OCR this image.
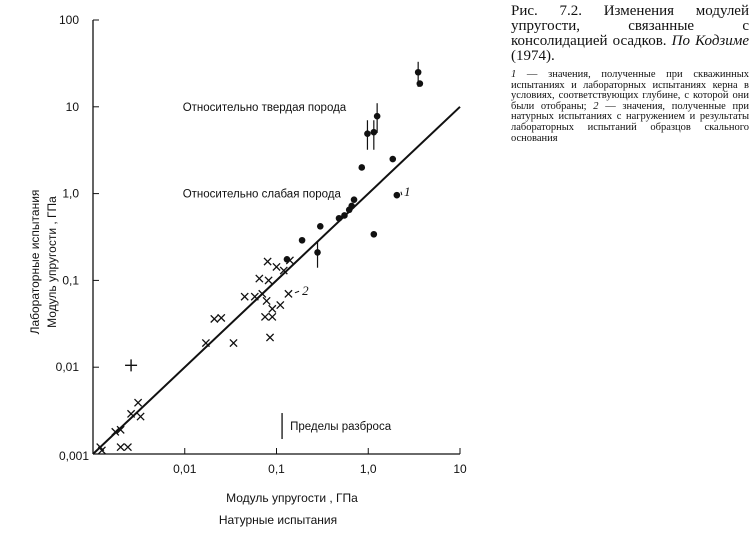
0,01	0,1	1,0	10
0,01
0,1
1,0
10
100
0,001
Модуль упругости , ГПа
Натурные испытания
Модуль упругости , ГПа
Лабораторные испытания	1
2
Относительно твердая порода
Относительно слабая порода
Пределы разброса

Рис. 7.2. Изменения модулей упругости, связанные с консолидацией осадков. По Кодзиме (1974).

1 — значения, полученные при скважинных испытаниях и лабораторных испытаниях керна в условиях, соответствующих глубине, с которой они были отобраны; 2 — значения, полученные при натурных испытаниях с нагружением и результаты лабораторных испытаний образцов скального основания
